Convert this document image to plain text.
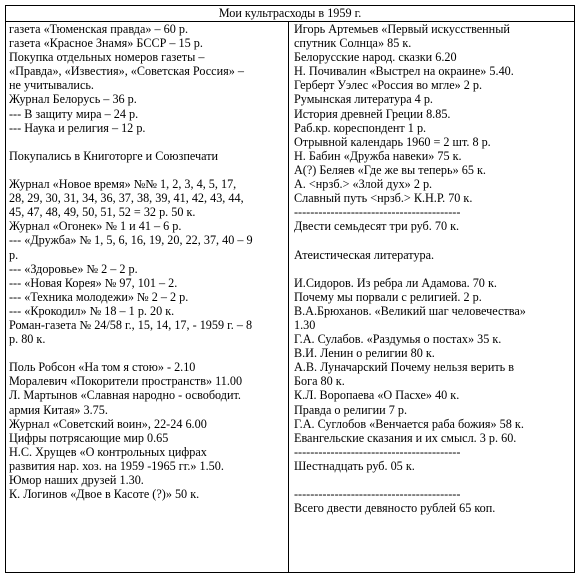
Мои культрасходы в 1959 г.
газета «Тюменская правда» – 60 р.
газета «Красное Знамя» БССР – 15 р.
Покупка отдельных номеров газеты –
«Правда», «Известия», «Советская Россия» –
не учитывались.
Журнал Белорусь – 36 р.
--- В защиту мира – 24 р.
--- Наука и религия – 12 р.
Покупались в Книготорге и Союзпечати
Журнал «Новое время» №№ 1, 2, 3, 4, 5, 17,
28, 29, 30, 31, 34, 36, 37, 38, 39, 41, 42, 43, 44,
45, 47, 48, 49, 50, 51, 52 = 32 р. 50 к.
Журнал «Огонек» № 1 и 41 – 6 р.
--- «Дружба» № 1, 5, 6, 16, 19, 20, 22, 37, 40 – 9
р.
--- «Здоровье» № 2 – 2 р.
--- «Новая Корея» № 97, 101 – 2.
--- «Техника молодежи» № 2 – 2 р.
--- «Крокодил» № 18 – 1 р. 20 к.
Роман-газета № 24/58 г., 15, 14, 17, - 1959 г. – 8
р. 80 к.
Поль Робсон «На том я стою» - 2.10
Моралевич «Покорители пространств» 11.00
Л. Мартынов «Славная народно - освободит.
армия Китая» 3.75.
Журнал «Советский воин», 22-24 6.00
Цифры потрясающие мир 0.65
Н.С. Хрущев «О контрольных цифрах
развития нар. хоз. на 1959 -1965 гг.» 1.50.
Юмор наших друзей 1.30.
К. Логинов «Двое в Касоте (?)» 50 к.
Игорь Артемьев «Первый искусственный
спутник Солнца» 85 к.
Белорусские народ. сказки 6.20
Н. Почивалин «Выстрел на окраине» 5.40.
Герберт Уэлес «Россия во мгле» 2 р.
Румынская литература 4 р.
История древней Греции 8.85.
Раб.кр. кореспондент 1 р.
Отрывной календарь 1960 = 2 шт. 8 р.
Н. Бабин «Дружба навеки» 75 к.
А(?) Беляев «Где же вы теперь» 65 к.
А. <нрзб.> «Злой дух» 2 р.
Славный путь <нрзб.> К.Н.Р. 70 к.
-----------------------------------------
Двести семьдесят три руб. 70 к.
Атеистическая литература.
И.Сидоров. Из ребра ли Адамова. 70 к.
Почему мы порвали с религией. 2 р.
В.А.Брюханов. «Великий шаг человечества»
1.30
Г.А. Сулабов. «Раздумья о постах» 35 к.
В.И. Ленин о религии 80 к.
А.В. Луначарский Почему нельзя верить в
Бога 80 к.
К.Л. Воропаева «О Пасхе» 40 к.
Правда о религии 7 р.
Г.А. Суглобов «Венчается раба божия» 58 к.
Евангельские сказания и их смысл. 3 р. 60.
-----------------------------------------
Шестнадцать руб. 05 к.
-----------------------------------------
Всего двести девяносто рублей 65 коп.
